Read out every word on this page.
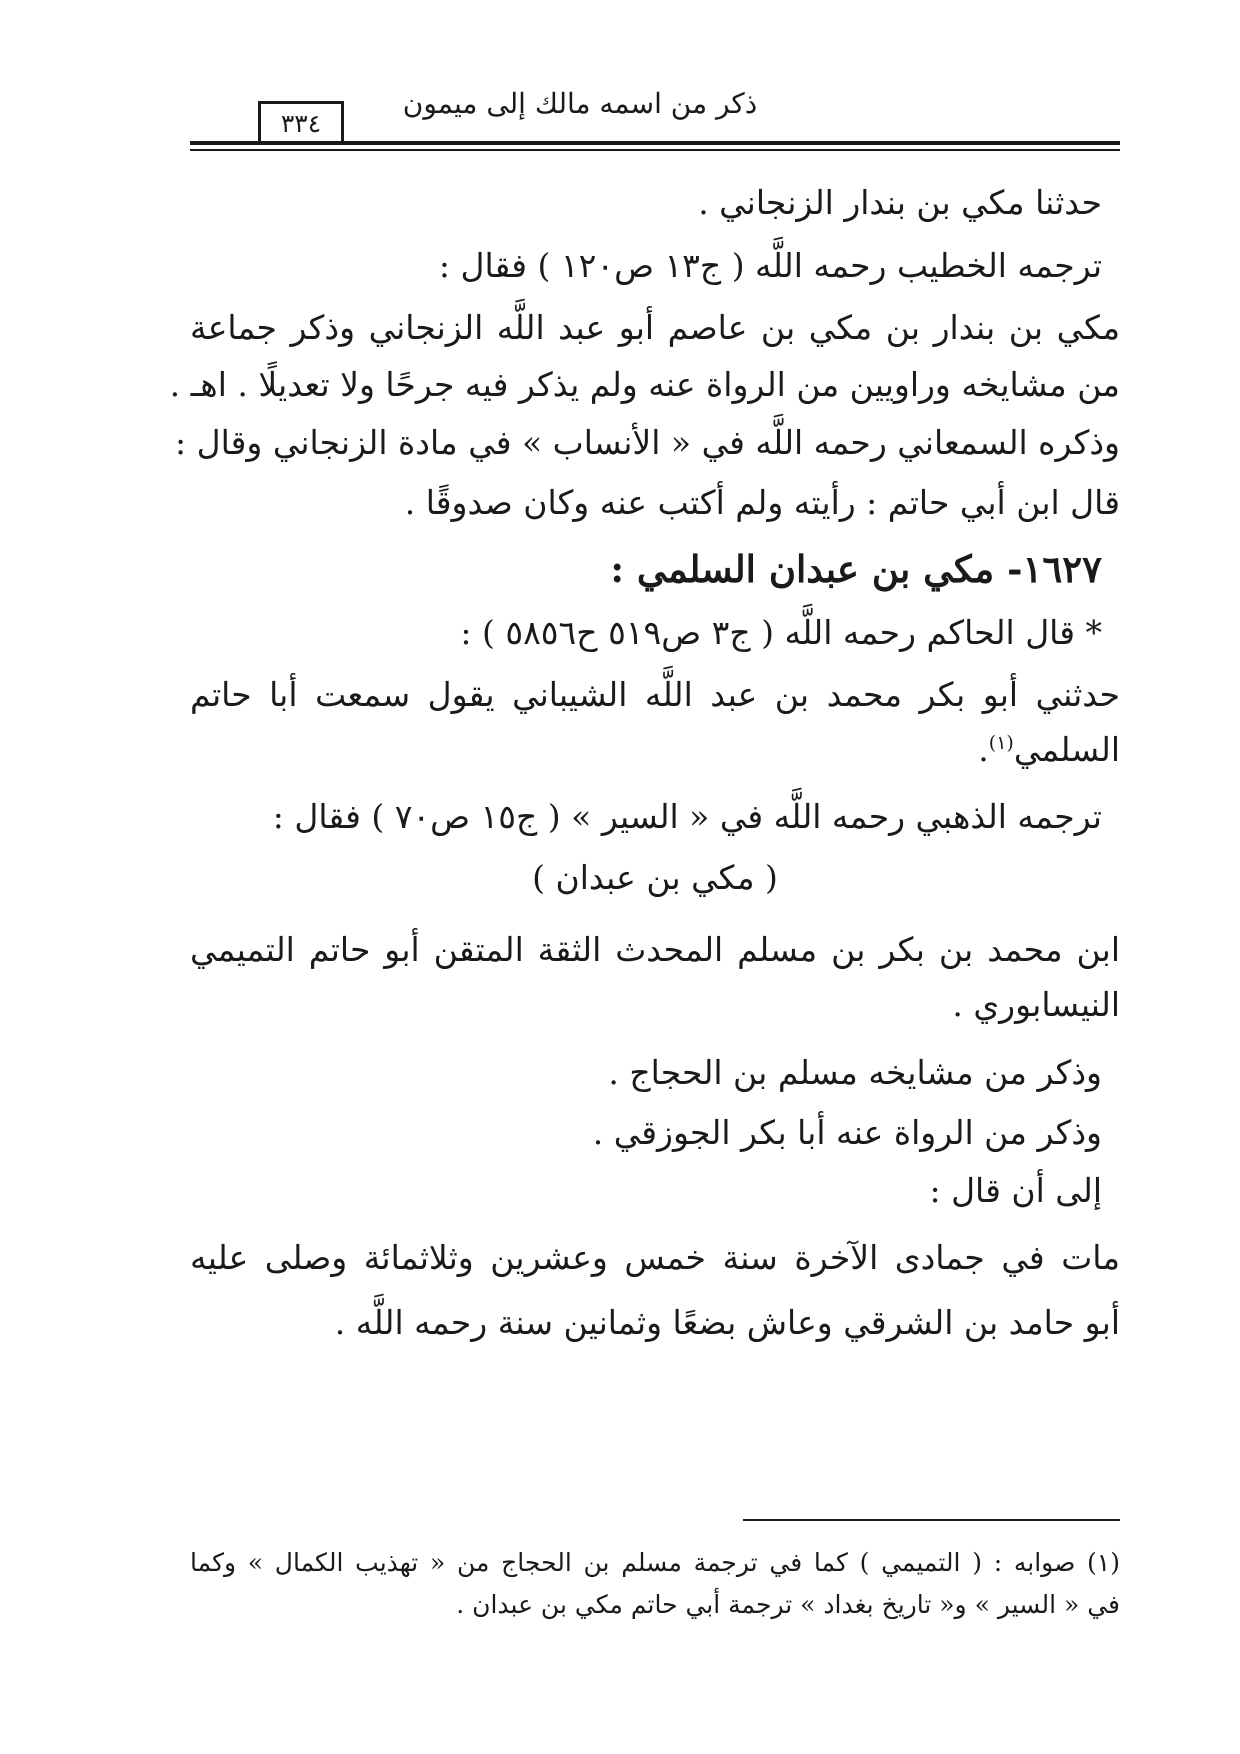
٣٣٤
ذكر من اسمه مالك إلى ميمون
حدثنا مكي بن بندار الزنجاني .
ترجمه الخطيب رحمه اللَّه ( ج١٣ ص١٢٠ ) فقال :
مكي بن بندار بن مكي بن عاصم أبو عبد اللَّه الزنجاني وذكر جماعة
من مشايخه وراويين من الرواة عنه ولم يذكر فيه جرحًا ولا تعديلًا . اهـ .
وذكره السمعاني رحمه اللَّه في « الأنساب » في مادة الزنجاني وقال :
قال ابن أبي حاتم : رأيته ولم أكتب عنه وكان صدوقًا .
١٦٢٧- مكي بن عبدان السلمي :
* قال الحاكم رحمه اللَّه ( ج٣ ص٥١٩ ح٥٨٥٦ ) :
حدثني أبو بكر محمد بن عبد اللَّه الشيباني يقول سمعت أبا حاتم
السلمي$^{(١)}$.
ترجمه الذهبي رحمه اللَّه في « السير » ( ج١٥ ص٧٠ ) فقال :
( مكي بن عبدان )
ابن محمد بن بكر بن مسلم المحدث الثقة المتقن أبو حاتم التميمي
النيسابوري .
وذكر من مشايخه مسلم بن الحجاج .
وذكر من الرواة عنه أبا بكر الجوزقي .
إلى أن قال :
مات في جمادى الآخرة سنة خمس وعشرين وثلاثمائة وصلى عليه
أبو حامد بن الشرقي وعاش بضعًا وثمانين سنة رحمه اللَّه .
(١) صوابه : ( التميمي ) كما في ترجمة مسلم بن الحجاج من « تهذيب الكمال » وكما
في « السير » و« تاريخ بغداد » ترجمة أبي حاتم مكي بن عبدان .
